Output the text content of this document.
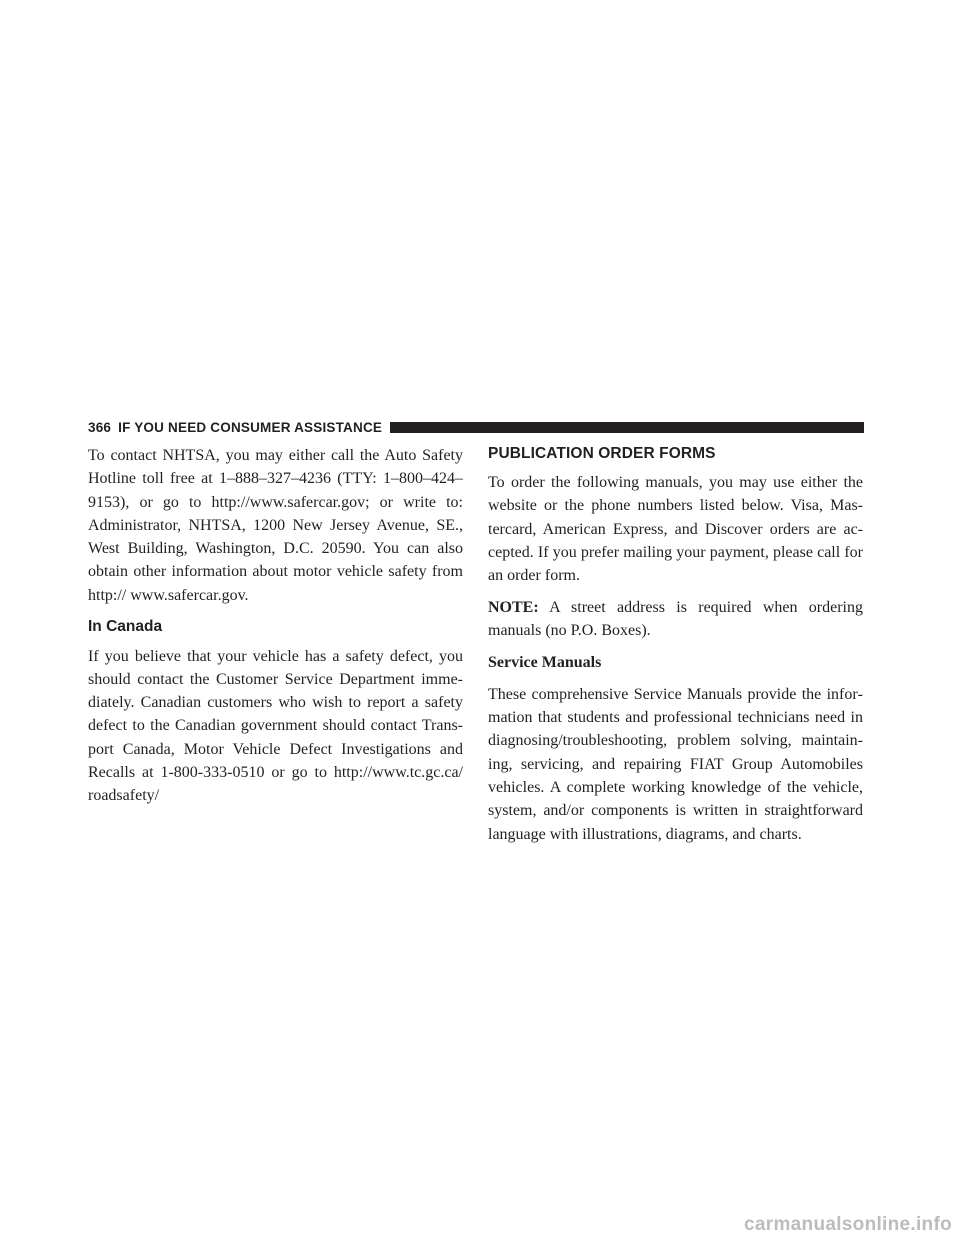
366 IF YOU NEED CONSUMER ASSISTANCE

To contact NHTSA, you may either call the Auto Safety Hotline toll free at 1–888–327–4236 (TTY: 1–800–424– 9153), or go to http://www.safercar.gov; or write to: Administrator, NHTSA, 1200 New Jersey Avenue, SE., West Building, Washington, D.C. 20590. You can also obtain other information about motor vehicle safety from http:// www.safercar.gov.

In Canada

If you believe that your vehicle has a safety defect, you should contact the Customer Service Department immediately. Canadian customers who wish to report a safety defect to the Canadian government should contact Transport Canada, Motor Vehicle Defect Investigations and Recalls at 1-800-333-0510 or go to http://www.tc.gc.ca/ roadsafety/

PUBLICATION ORDER FORMS

To order the following manuals, you may use either the website or the phone numbers listed below. Visa, Mastercard, American Express, and Discover orders are accepted. If you prefer mailing your payment, please call for an order form.

NOTE: A street address is required when ordering manuals (no P.O. Boxes).

Service Manuals

These comprehensive Service Manuals provide the information that students and professional technicians need in diagnosing/troubleshooting, problem solving, maintaining, servicing, and repairing FIAT Group Automobiles vehicles. A complete working knowledge of the vehicle, system, and/or components is written in straightforward language with illustrations, diagrams, and charts.

carmanualsonline.info
